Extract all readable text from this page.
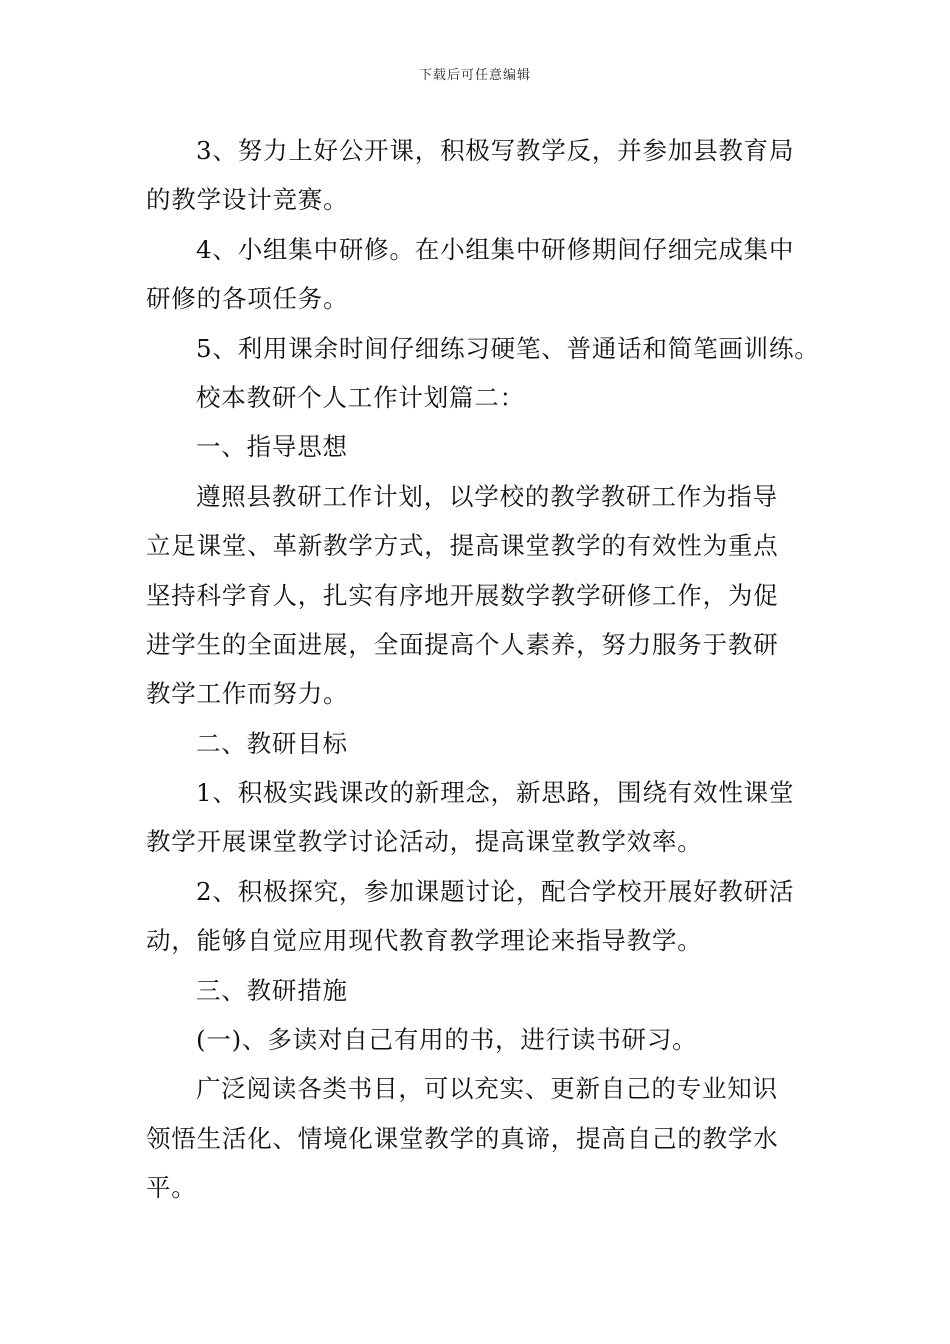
下载后可任意编辑
3、努力上好公开课，积极写教学反，并参加县教育局
的教学设计竞赛。
4、小组集中研修。在小组集中研修期间仔细完成集中
研修的各项任务。
5、利用课余时间仔细练习硬笔、普通话和简笔画训练。
校本教研个人工作计划篇二：
一、指导思想
遵照县教研工作计划，以学校的教学教研工作为指导
立足课堂、革新教学方式，提高课堂教学的有效性为重点
坚持科学育人，扎实有序地开展数学教学研修工作，为促
进学生的全面进展，全面提高个人素养，努力服务于教研
教学工作而努力。
二、教研目标
1、积极实践课改的新理念，新思路，围绕有效性课堂
教学开展课堂教学讨论活动，提高课堂教学效率。
2、积极探究，参加课题讨论，配合学校开展好教研活
动，能够自觉应用现代教育教学理论来指导教学。
三、教研措施
(一)、多读对自己有用的书，进行读书研习。
广泛阅读各类书目，可以充实、更新自己的专业知识
领悟生活化、情境化课堂教学的真谛，提高自己的教学水
平。
